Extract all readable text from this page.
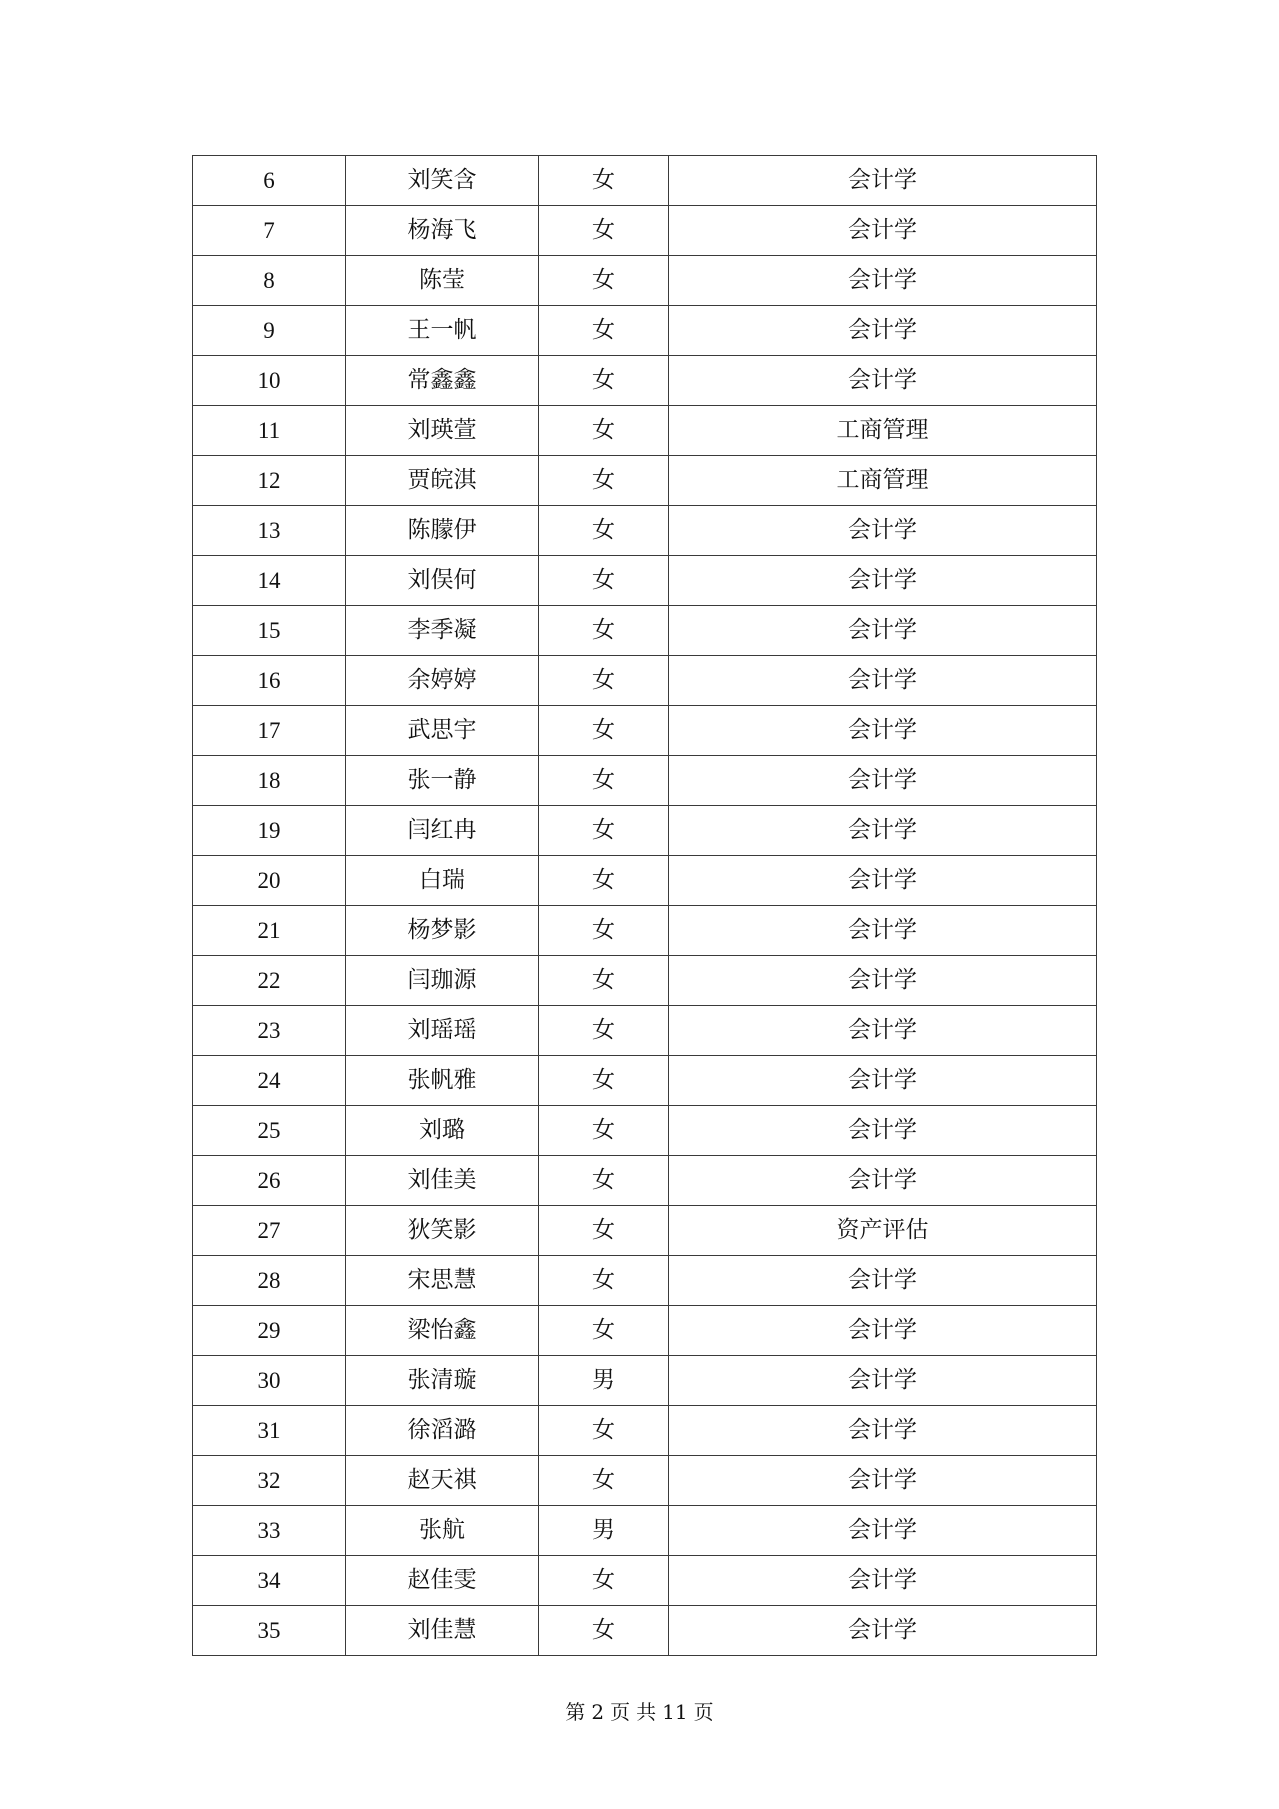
6	刘笑含	女	会计学
7	杨海飞	女	会计学
8	陈莹	女	会计学
9	王一帆	女	会计学
10	常鑫鑫	女	会计学
11	刘瑛萱	女	工商管理
12	贾皖淇	女	工商管理
13	陈朦伊	女	会计学
14	刘俣何	女	会计学
15	李季凝	女	会计学
16	余婷婷	女	会计学
17	武思宇	女	会计学
18	张一静	女	会计学
19	闫红冉	女	会计学
20	白瑞	女	会计学
21	杨梦影	女	会计学
22	闫珈源	女	会计学
23	刘瑶瑶	女	会计学
24	张帆雅	女	会计学
25	刘璐	女	会计学
26	刘佳美	女	会计学
27	狄笑影	女	资产评估
28	宋思慧	女	会计学
29	梁怡鑫	女	会计学
30	张清璇	男	会计学
31	徐滔潞	女	会计学
32	赵天祺	女	会计学
33	张航	男	会计学
34	赵佳雯	女	会计学
35	刘佳慧	女	会计学
第 2 页 共 11 页
